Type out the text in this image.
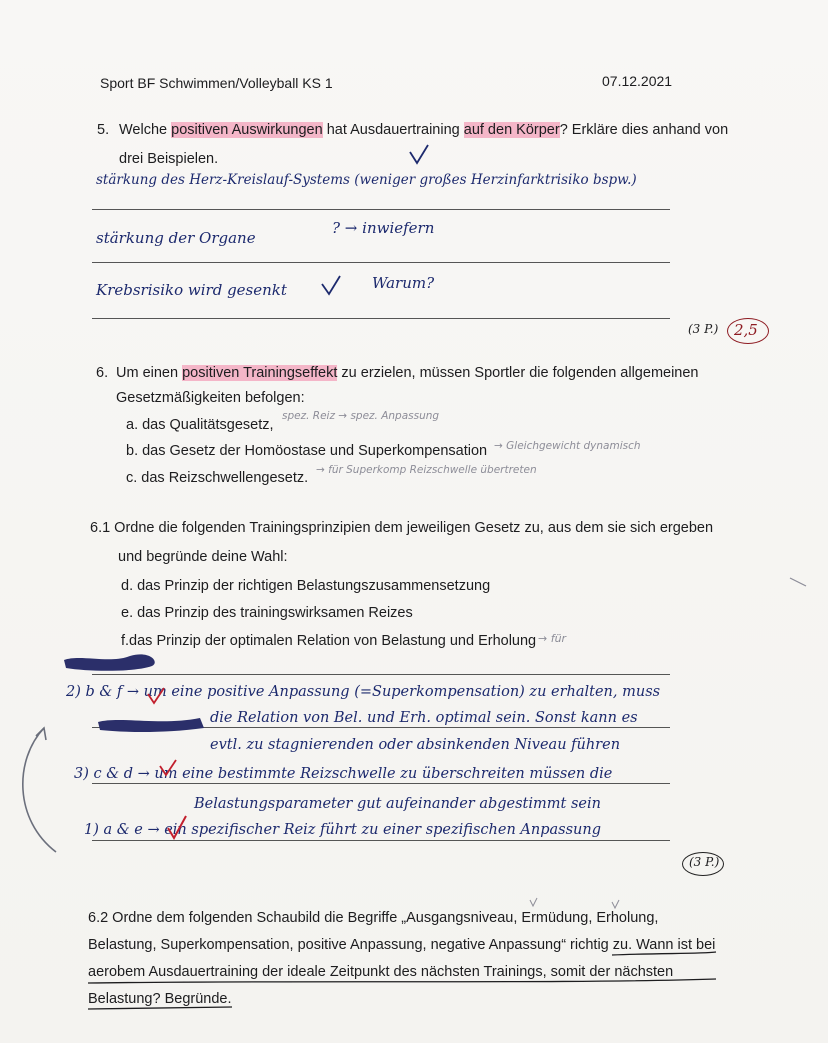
Sport BF Schwimmen/Volleyball KS 1	07.12.2021
5. Welche positiven Auswirkungen hat Ausdauertraining auf den Körper? Erkläre dies anhand von
drei Beispielen.
stärkung des Herz-Kreislauf-Systems (weniger großes Herzinfarktrisiko bspw.)
stärkung der Organe
? → inwiefern
Krebsrisiko wird gesenkt	Warum?
(3 P.) 2,5
6. Um einen positiven Trainingseffekt zu erzielen, müssen Sportler die folgenden allgemeinen
Gesetzmäßigkeiten befolgen:
a. das Qualitätsgesetz,
spez. Reiz → spez. Anpassung
b. das Gesetz der Homöostase und Superkompensation → Gleichgewicht dynamisch
c. das Reizschwellengesetz. → für Superkomp Reizschwelle übertreten
6.1 Ordne die folgenden Trainingsprinzipien dem jeweiligen Gesetz zu, aus dem sie sich ergeben
und begründe deine Wahl:
d. das Prinzip der richtigen Belastungszusammensetzung
e. das Prinzip des trainingswirksamen Reizes
f.das Prinzip der optimalen Relation von Belastung und Erholung → für
2) b & f → um eine positive Anpassung (=Superkompensation) zu erhalten, muss
die Relation von Bel. und Erh. optimal sein. Sonst kann es
evtl. zu stagnierenden oder absinkenden Niveau führen
3) c & d → um eine bestimmte Reizschwelle zu überschreiten müssen die
Belastungsparameter gut aufeinander abgestimmt sein
1) a & e → ein spezifischer Reiz führt zu einer spezifischen Anpassung
(3 P.)
6.2 Ordne dem folgenden Schaubild die Begriffe „Ausgangsniveau, Ermüdung, Erholung,
Belastung, Superkompensation, positive Anpassung, negative Anpassung“ richtig zu. Wann ist bei
aerobem Ausdauertraining der ideale Zeitpunkt des nächsten Trainings, somit der nächsten
Belastung? Begründe.
